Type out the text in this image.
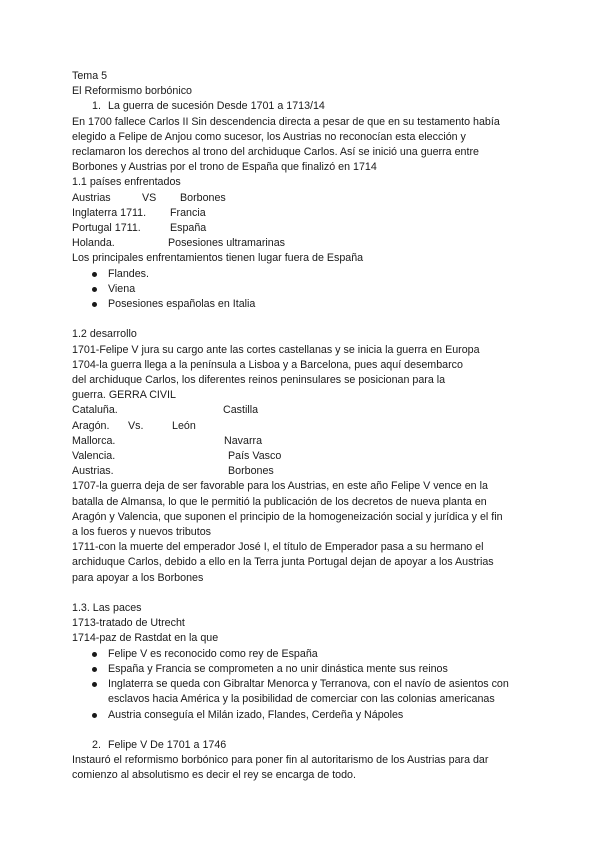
Tema 5
El Reformismo borbónico
1. La guerra de sucesión Desde 1701 a 1713/14
En 1700 fallece Carlos II Sin descendencia directa a pesar de que en su testamento había elegido a Felipe de Anjou como sucesor, los Austrias no reconocían esta elección y reclamaron los derechos al trono del archiduque Carlos. Así se inició una guerra entre Borbones y Austrias por el trono de España que finalizó en 1714
1.1 países enfrentados
Austrias	VS Borbones
Inglaterra 1711. Francia
Portugal 1711.	España
Holanda.	Posesiones ultramarinas
Los principales enfrentamientos tienen lugar fuera de España
Flandes.
Viena
Posesiones españolas en Italia
1.2 desarrollo
1701-Felipe V jura su cargo ante las cortes castellanas y se inicia la guerra en Europa
1704-la guerra llega a la península a Lisboa y a Barcelona, pues aquí desembarco del archiduque Carlos, los diferentes reinos peninsulares se posicionan para la guerra. GERRA CIVIL
Cataluña.	Castilla
Aragón. Vs.	León
Mallorca.	Navarra
Valencia.	País Vasco
Austrias.	Borbones
1707-la guerra deja de ser favorable para los Austrias, en este año Felipe V vence en la batalla de Almansa, lo que le permitió la publicación de los decretos de nueva planta en Aragón y Valencia, que suponen el principio de la homogeneización social y jurídica y el fin a los fueros y nuevos tributos
1711-con la muerte del emperador José I, el título de Emperador pasa a su hermano el archiduque Carlos, debido a ello en la Terra junta Portugal dejan de apoyar a los Austrias para apoyar a los Borbones
1.3. Las paces
1713-tratado de Utrecht
1714-paz de Rastdat en la que
Felipe V es reconocido como rey de España
España y Francia se comprometen a no unir dinástica mente sus reinos
Inglaterra se queda con Gibraltar Menorca y Terranova, con el navío de asientos con esclavos hacia América y la posibilidad de comerciar con las colonias americanas
Austria conseguía el Milán izado, Flandes, Cerdeña y Nápoles
2. Felipe V De 1701 a 1746
Instauró el reformismo borbónico para poner fin al autoritarismo de los Austrias para dar comienzo al absolutismo es decir el rey se encarga de todo.
